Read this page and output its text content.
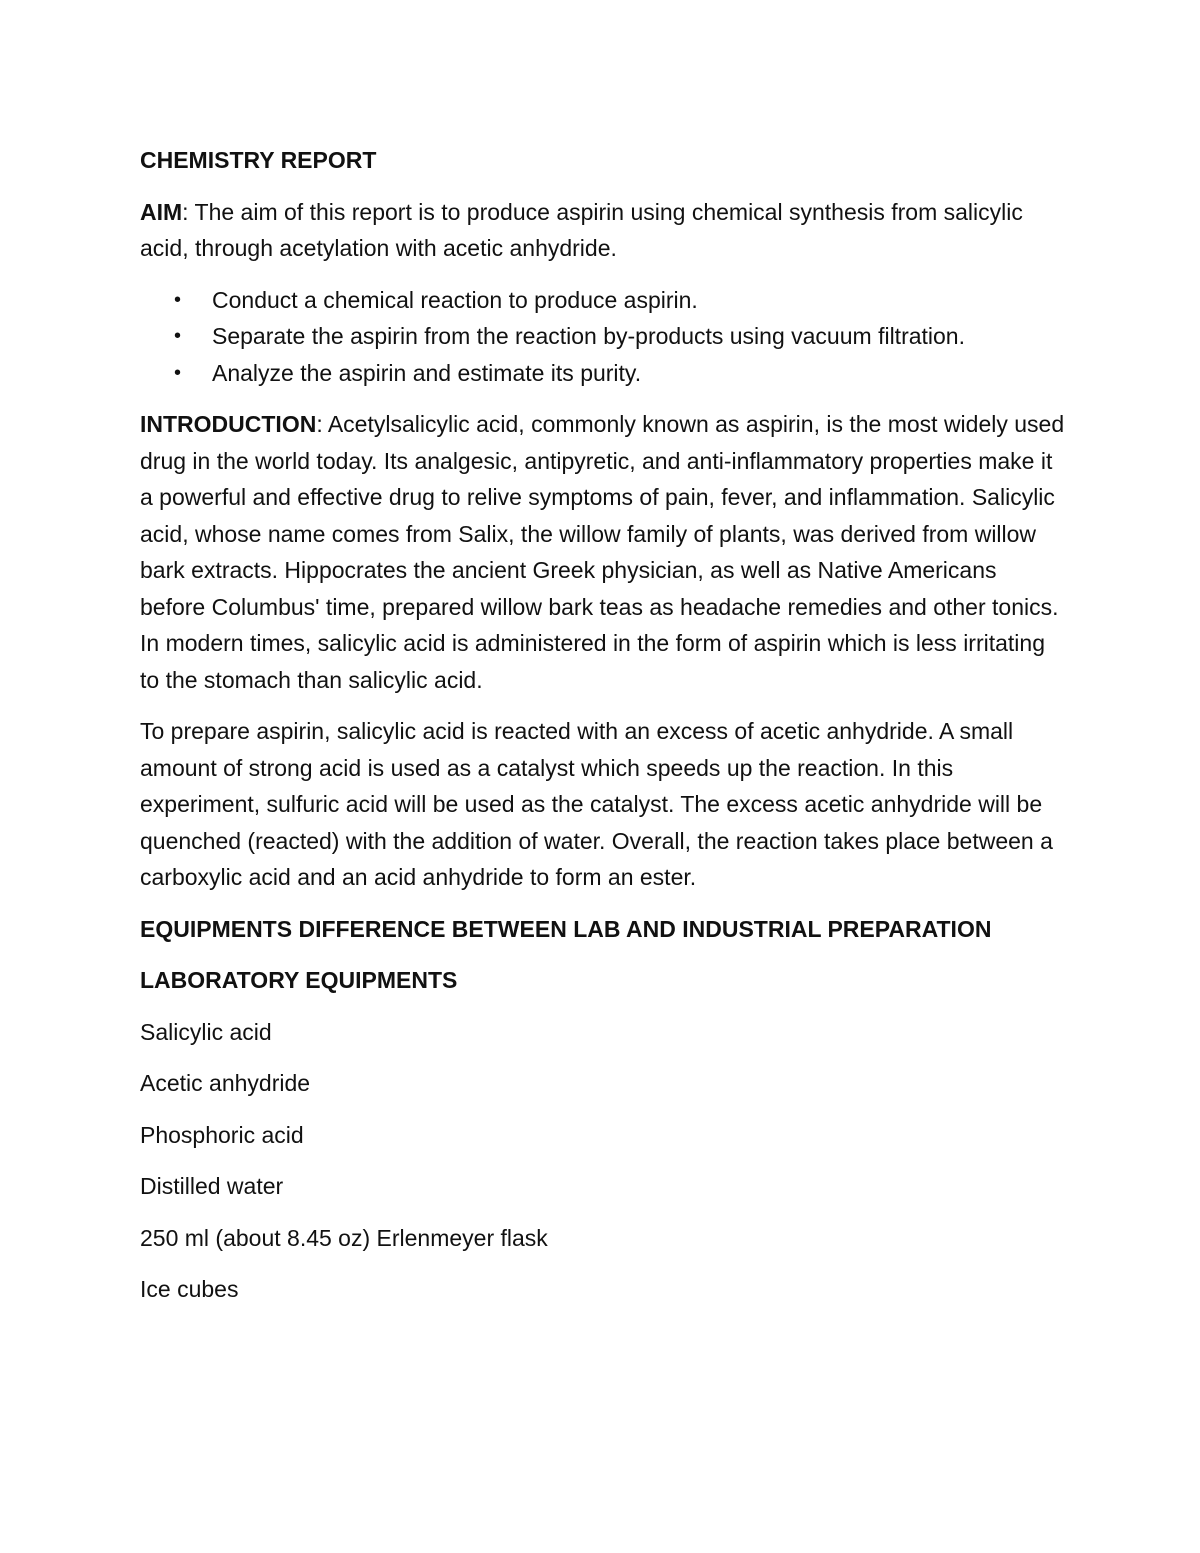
CHEMISTRY REPORT

AIM: The aim of this report is to produce aspirin using chemical synthesis from salicylic acid, through acetylation with acetic anhydride.

• Conduct a chemical reaction to produce aspirin.
• Separate the aspirin from the reaction by-products using vacuum filtration.
• Analyze the aspirin and estimate its purity.

INTRODUCTION: Acetylsalicylic acid, commonly known as aspirin, is the most widely used drug in the world today. Its analgesic, antipyretic, and anti-inflammatory properties make it a powerful and effective drug to relive symptoms of pain, fever, and inflammation. Salicylic acid, whose name comes from Salix, the willow family of plants, was derived from willow bark extracts. Hippocrates the ancient Greek physician, as well as Native Americans before Columbus' time, prepared willow bark teas as headache remedies and other tonics. In modern times, salicylic acid is administered in the form of aspirin which is less irritating to the stomach than salicylic acid.

To prepare aspirin, salicylic acid is reacted with an excess of acetic anhydride. A small amount of strong acid is used as a catalyst which speeds up the reaction. In this experiment, sulfuric acid will be used as the catalyst. The excess acetic anhydride will be quenched (reacted) with the addition of water. Overall, the reaction takes place between a carboxylic acid and an acid anhydride to form an ester.

EQUIPMENTS DIFFERENCE BETWEEN LAB AND INDUSTRIAL PREPARATION

LABORATORY EQUIPMENTS

Salicylic acid

Acetic anhydride

Phosphoric acid

Distilled water

250 ml (about 8.45 oz) Erlenmeyer flask

Ice cubes
